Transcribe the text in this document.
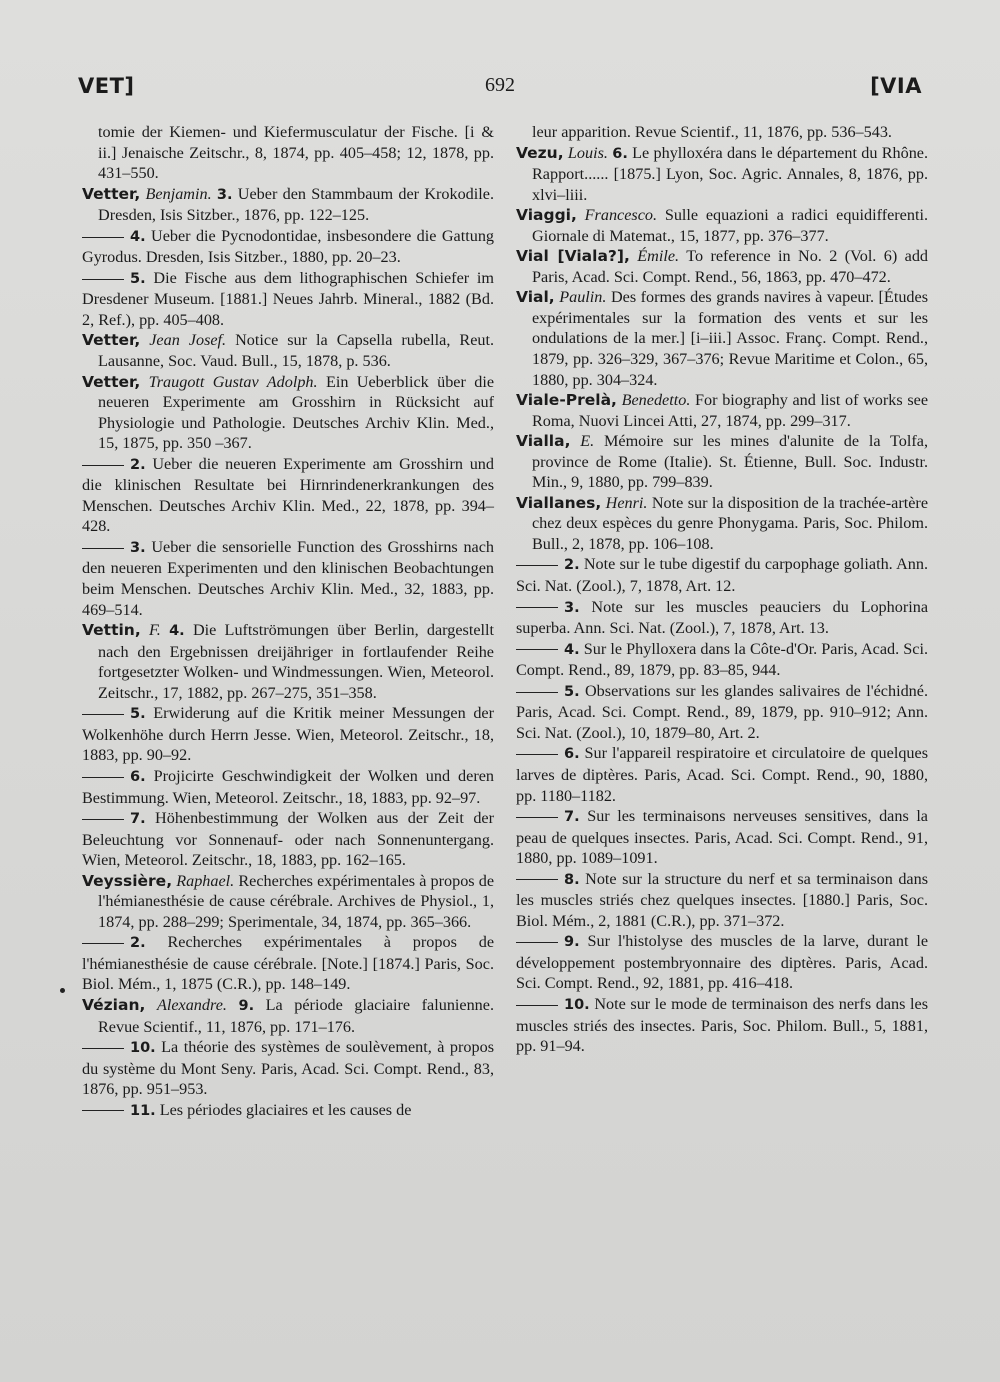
VET]	692	[VIA

tomie der Kiemen- und Kiefermusculatur der Fische. [i & ii.] Jenaische Zeitschr., 8, 1874, pp. 405–458; 12, 1878, pp. 431–550.

Vetter, Benjamin. 3. Ueber den Stammbaum der Krokodile. Dresden, Isis Sitzber., 1876, pp. 122–125.

4. Ueber die Pycnodontidae, insbesondere die Gattung Gyrodus. Dresden, Isis Sitzber., 1880, pp. 20–23.

5. Die Fische aus dem lithographischen Schiefer im Dresdener Museum. [1881.] Neues Jahrb. Mineral., 1882 (Bd. 2, Ref.), pp. 405–408.

Vetter, Jean Josef. Notice sur la Capsella rubella, Reut. Lausanne, Soc. Vaud. Bull., 15, 1878, p. 536.

Vetter, Traugott Gustav Adolph. Ein Ueberblick über die neueren Experimente am Grosshirn in Rücksicht auf Physiologie und Pathologie. Deutsches Archiv Klin. Med., 15, 1875, pp. 350 –367.

2. Ueber die neueren Experimente am Grosshirn und die klinischen Resultate bei Hirnrindenerkrankungen des Menschen. Deutsches Archiv Klin. Med., 22, 1878, pp. 394–428.

3. Ueber die sensorielle Function des Grosshirns nach den neueren Experimenten und den klinischen Beobachtungen beim Menschen. Deutsches Archiv Klin. Med., 32, 1883, pp. 469–514.

Vettin, F. 4. Die Luftströmungen über Berlin, dargestellt nach den Ergebnissen dreijähriger in fortlaufender Reihe fortgesetzter Wolken- und Windmessungen. Wien, Meteorol. Zeitschr., 17, 1882, pp. 267–275, 351–358.

5. Erwiderung auf die Kritik meiner Messungen der Wolkenhöhe durch Herrn Jesse. Wien, Meteorol. Zeitschr., 18, 1883, pp. 90–92.

6. Projicirte Geschwindigkeit der Wolken und deren Bestimmung. Wien, Meteorol. Zeitschr., 18, 1883, pp. 92–97.

7. Höhenbestimmung der Wolken aus der Zeit der Beleuchtung vor Sonnenauf- oder nach Sonnenuntergang. Wien, Meteorol. Zeitschr., 18, 1883, pp. 162–165.

Veyssière, Raphael. Recherches expérimentales à propos de l'hémianesthésie de cause cérébrale. Archives de Physiol., 1, 1874, pp. 288–299; Sperimentale, 34, 1874, pp. 365–366.

2. Recherches expérimentales à propos de l'hémianesthésie de cause cérébrale. [Note.] [1874.] Paris, Soc. Biol. Mém., 1, 1875 (C.R.), pp. 148–149.

Vézian, Alexandre. 9. La période glaciaire falunienne. Revue Scientif., 11, 1876, pp. 171–176.

10. La théorie des systèmes de soulèvement, à propos du système du Mont Seny. Paris, Acad. Sci. Compt. Rend., 83, 1876, pp. 951–953.

11. Les périodes glaciaires et les causes de

leur apparition. Revue Scientif., 11, 1876, pp. 536–543.

Vezu, Louis. 6. Le phylloxéra dans le département du Rhône. Rapport...... [1875.] Lyon, Soc. Agric. Annales, 8, 1876, pp. xlvi–liii.

Viaggi, Francesco. Sulle equazioni a radici equidifferenti. Giornale di Matemat., 15, 1877, pp. 376–377.

Vial [Viala?], Émile. To reference in No. 2 (Vol. 6) add Paris, Acad. Sci. Compt. Rend., 56, 1863, pp. 470–472.

Vial, Paulin. Des formes des grands navires à vapeur. [Études expérimentales sur la formation des vents et sur les ondulations de la mer.] [i–iii.] Assoc. Franç. Compt. Rend., 1879, pp. 326–329, 367–376; Revue Maritime et Colon., 65, 1880, pp. 304–324.

Viale-Prelà, Benedetto. For biography and list of works see Roma, Nuovi Lincei Atti, 27, 1874, pp. 299–317.

Vialla, E. Mémoire sur les mines d'alunite de la Tolfa, province de Rome (Italie). St. Étienne, Bull. Soc. Industr. Min., 9, 1880, pp. 799–839.

Viallanes, Henri. Note sur la disposition de la trachée-artère chez deux espèces du genre Phonygama. Paris, Soc. Philom. Bull., 2, 1878, pp. 106–108.

2. Note sur le tube digestif du carpophage goliath. Ann. Sci. Nat. (Zool.), 7, 1878, Art. 12.

3. Note sur les muscles peauciers du Lophorina superba. Ann. Sci. Nat. (Zool.), 7, 1878, Art. 13.

4. Sur le Phylloxera dans la Côte-d'Or. Paris, Acad. Sci. Compt. Rend., 89, 1879, pp. 83–85, 944.

5. Observations sur les glandes salivaires de l'échidné. Paris, Acad. Sci. Compt. Rend., 89, 1879, pp. 910–912; Ann. Sci. Nat. (Zool.), 10, 1879–80, Art. 2.

6. Sur l'appareil respiratoire et circulatoire de quelques larves de diptères. Paris, Acad. Sci. Compt. Rend., 90, 1880, pp. 1180–1182.

7. Sur les terminaisons nerveuses sensitives, dans la peau de quelques insectes. Paris, Acad. Sci. Compt. Rend., 91, 1880, pp. 1089–1091.

8. Note sur la structure du nerf et sa terminaison dans les muscles striés chez quelques insectes. [1880.] Paris, Soc. Biol. Mém., 2, 1881 (C.R.), pp. 371–372.

9. Sur l'histolyse des muscles de la larve, durant le développement postembryonnaire des diptères. Paris, Acad. Sci. Compt. Rend., 92, 1881, pp. 416–418.

10. Note sur le mode de terminaison des nerfs dans les muscles striés des insectes. Paris, Soc. Philom. Bull., 5, 1881, pp. 91–94.
